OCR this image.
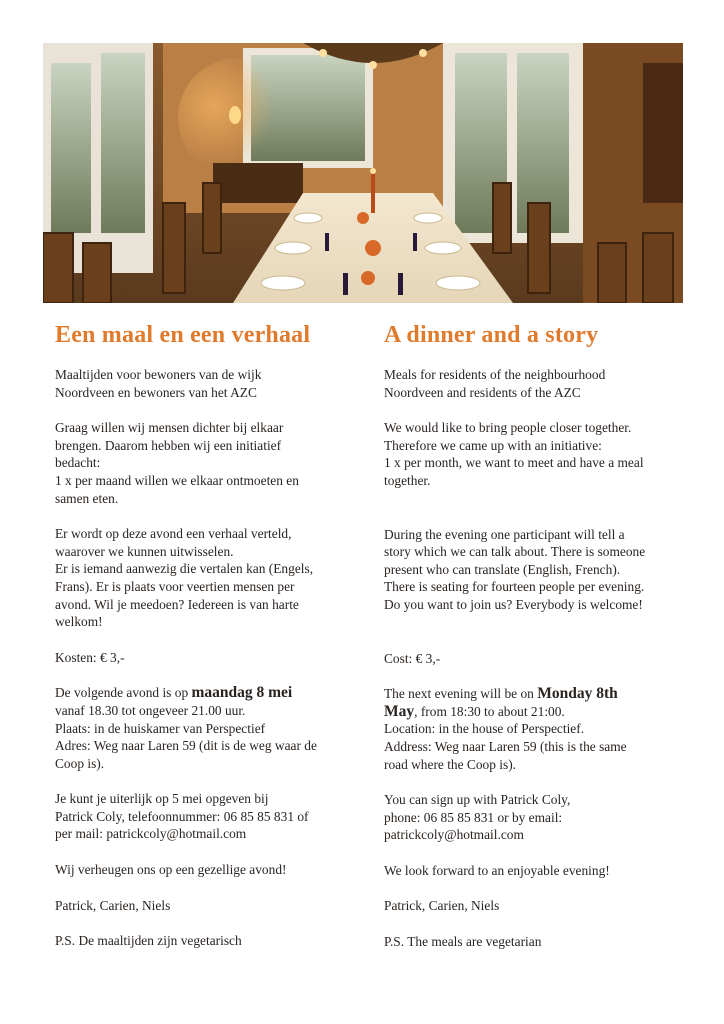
Een maal en een verhaal

Maaltijden voor bewoners van de wijk
Noordveen en bewoners van het AZC

Graag willen wij mensen dichter bij elkaar
brengen. Daarom hebben wij een initiatief
bedacht:
1 x per maand willen we elkaar ontmoeten en
samen eten.

Er wordt op deze avond een verhaal verteld,
waarover we kunnen uitwisselen.
Er is iemand aanwezig die vertalen kan (Engels,
Frans). Er is plaats voor veertien mensen per
avond. Wil je meedoen? Iedereen is van harte
welkom!

Kosten: € 3,-

De volgende avond is op maandag 8 mei
vanaf 18.30 tot ongeveer 21.00 uur.
Plaats: in de huiskamer van Perspectief
Adres: Weg naar Laren 59 (dit is de weg waar de
Coop is).

Je kunt je uiterlijk op 5 mei opgeven bij
Patrick Coly, telefoonnummer: 06 85 85 831 of
per mail: patrickcoly@hotmail.com

Wij verheugen ons op een gezellige avond!

Patrick, Carien, Niels

P.S. De maaltijden zijn vegetarisch

A dinner and a story

Meals for residents of the neighbourhood
Noordveen and residents of the AZC

We would like to bring people closer together.
Therefore we came up with an initiative:
1 x per month, we want to meet and have a meal
together.

During the evening one participant will tell a
story which we can talk about. There is someone
present who can translate (English, French).
There is seating for fourteen people per evening.
Do you want to join us? Everybody is welcome!

Cost: € 3,-

The next evening will be on Monday 8th
May, from 18:30 to about 21:00.
Location: in the house of Perspectief.
Address: Weg naar Laren 59 (this is the same
road where the Coop is).

You can sign up with Patrick Coly,
phone: 06 85 85 831 or by email:
patrickcoly@hotmail.com

We look forward to an enjoyable evening!

Patrick, Carien, Niels

P.S. The meals are vegetarian
